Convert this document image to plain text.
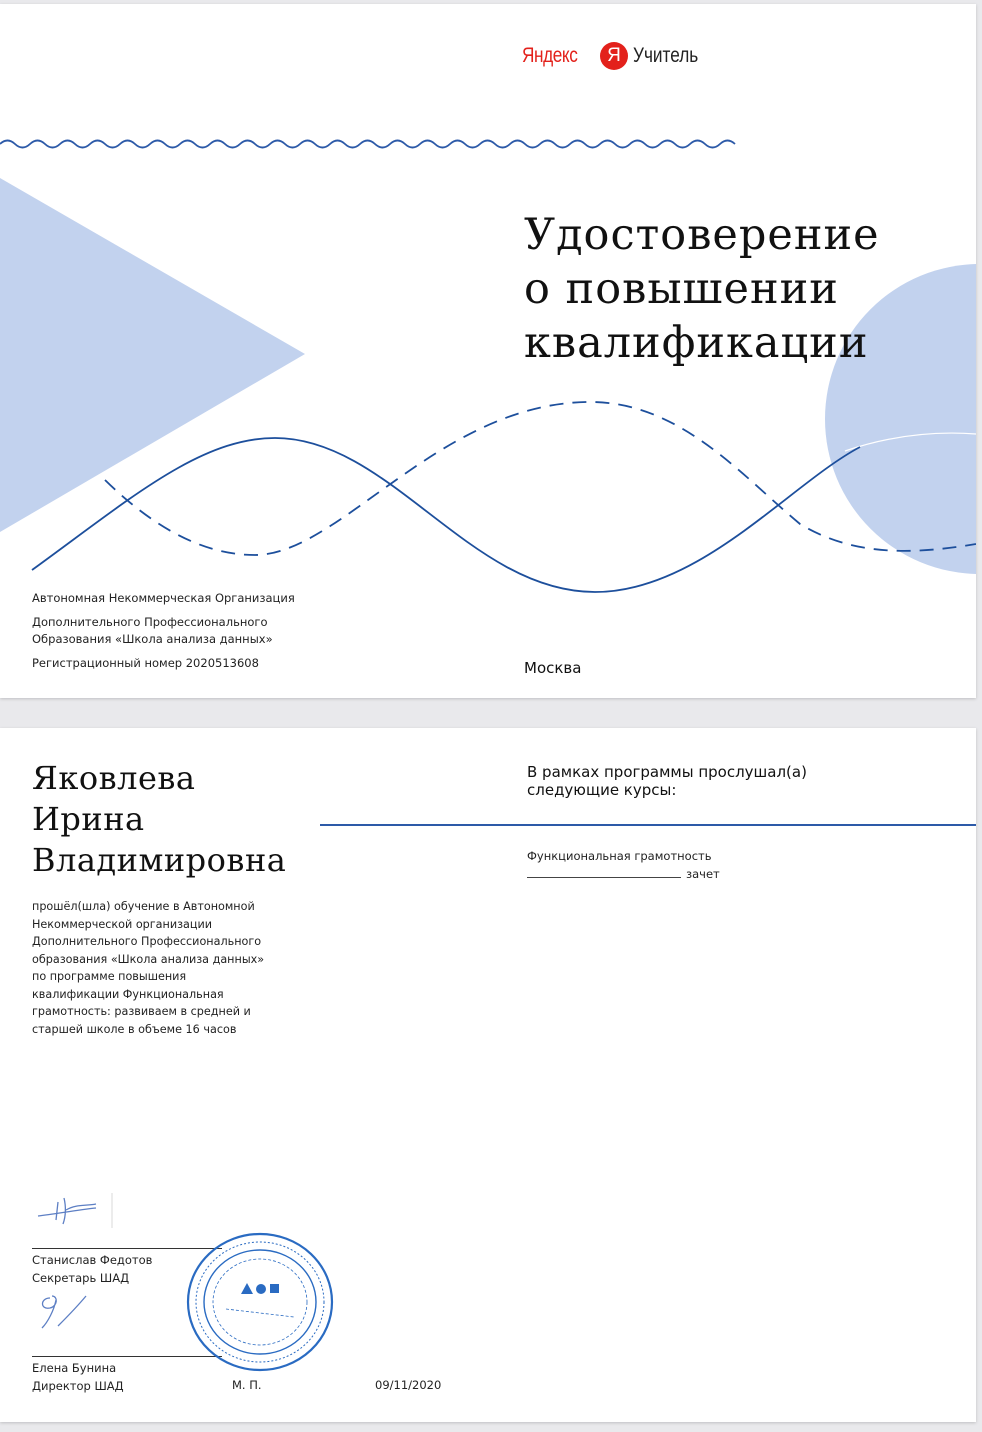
Яндекс	Я Учитель
Удостоверение
о повышении
квалификации
Автономная Некоммерческая Организация
Дополнительного Профессионального
Образования «Школа анализа данных»
Регистрационный номер 2020513608	Москва
Яковлева
Ирина
Владимировна

прошёл(шла) обучение в Автономной Некоммерческой организации Дополнительного Профессионального образования «Школа анализа данных» по программе повышения квалификации Функциональная грамотность: развиваем в средней и старшей школе в объеме 16 часов

В рамках программы прослушал(а)
следующие курсы:
Функциональная грамотность
зачет
Станислав Федотов
Секретарь ШАД
Елена Бунина
Директор ШАД	М. П.	09/11/2020
